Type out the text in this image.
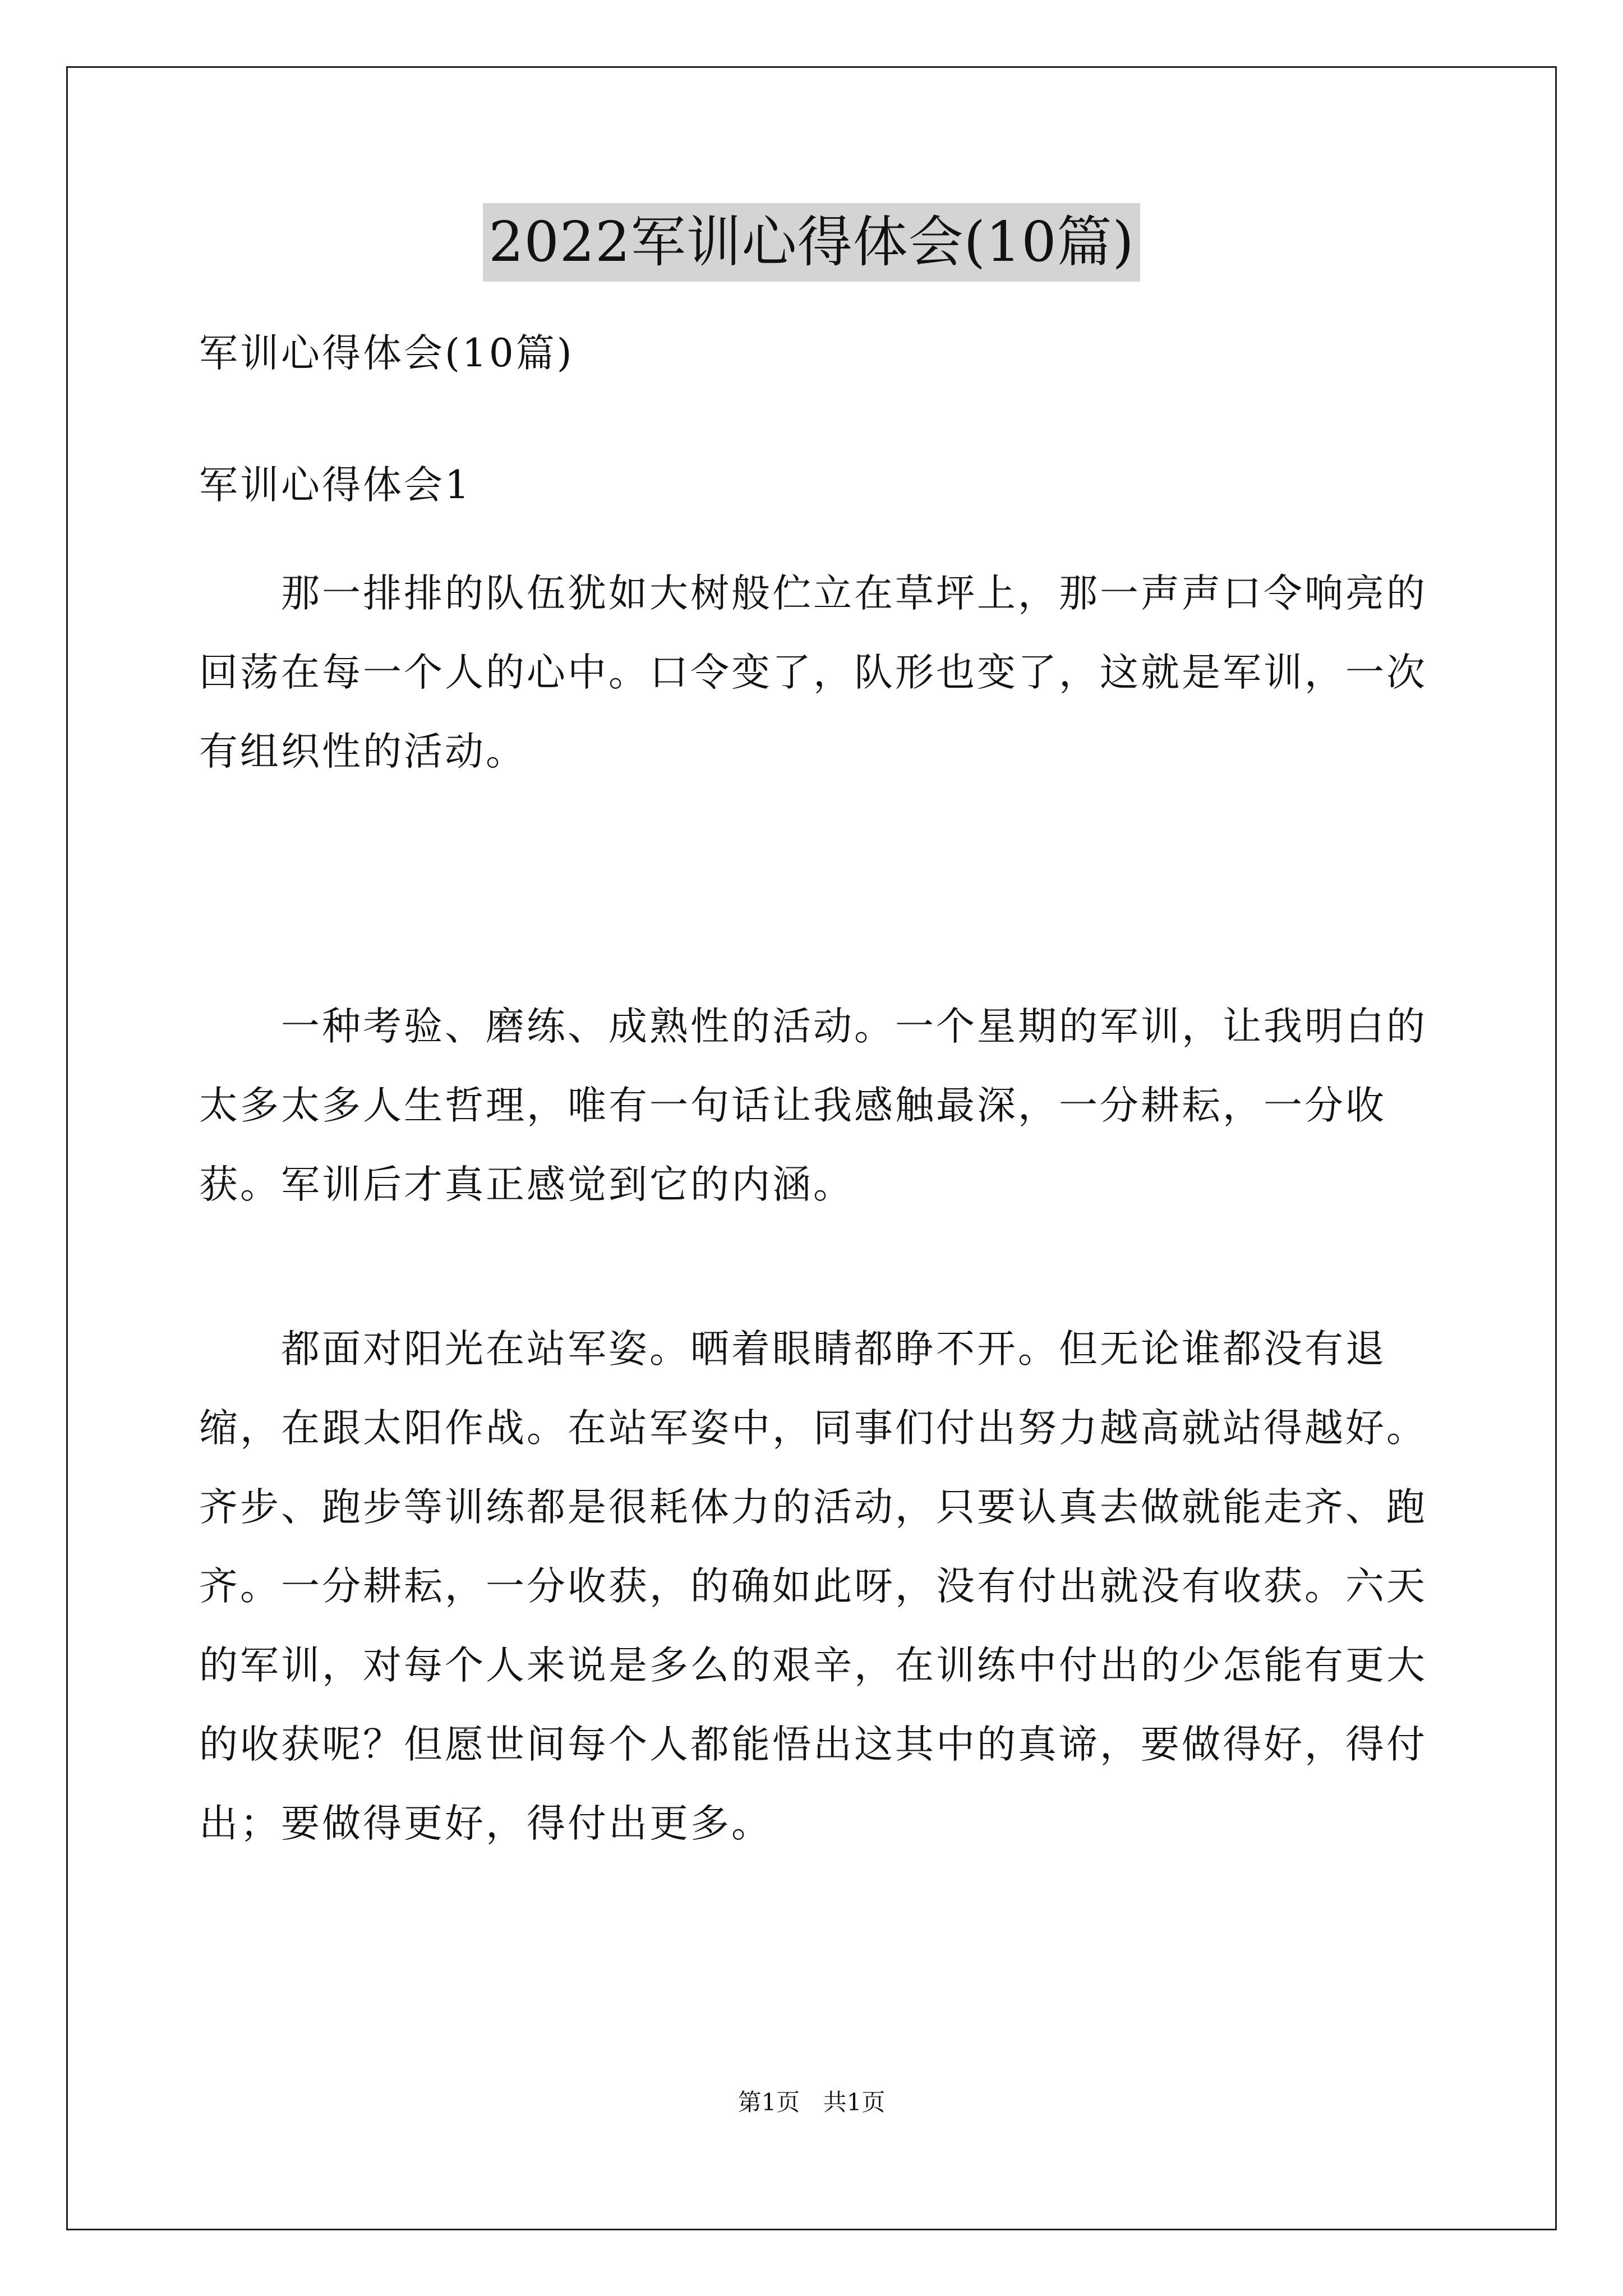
2022军训心得体会(10篇)

军训心得体会(10篇)

军训心得体会1

　　那一排排的队伍犹如大树般伫立在草坪上，那一声声口令响亮的回荡在每一个人的心中。口令变了，队形也变了，这就是军训，一次有组织性的活动。

　　一种考验、磨练、成熟性的活动。一个星期的军训，让我明白的太多太多人生哲理，唯有一句话让我感触最深，一分耕耘，一分收获。军训后才真正感觉到它的内涵。

　　都面对阳光在站军姿。晒着眼睛都睁不开。但无论谁都没有退缩，在跟太阳作战。在站军姿中，同事们付出努力越高就站得越好。齐步、跑步等训练都是很耗体力的活动，只要认真去做就能走齐、跑齐。一分耕耘，一分收获，的确如此呀，没有付出就没有收获。六天的军训，对每个人来说是多么的艰辛，在训练中付出的少怎能有更大的收获呢？但愿世间每个人都能悟出这其中的真谛，要做得好，得付出；要做得更好，得付出更多。

第1页 共1页
